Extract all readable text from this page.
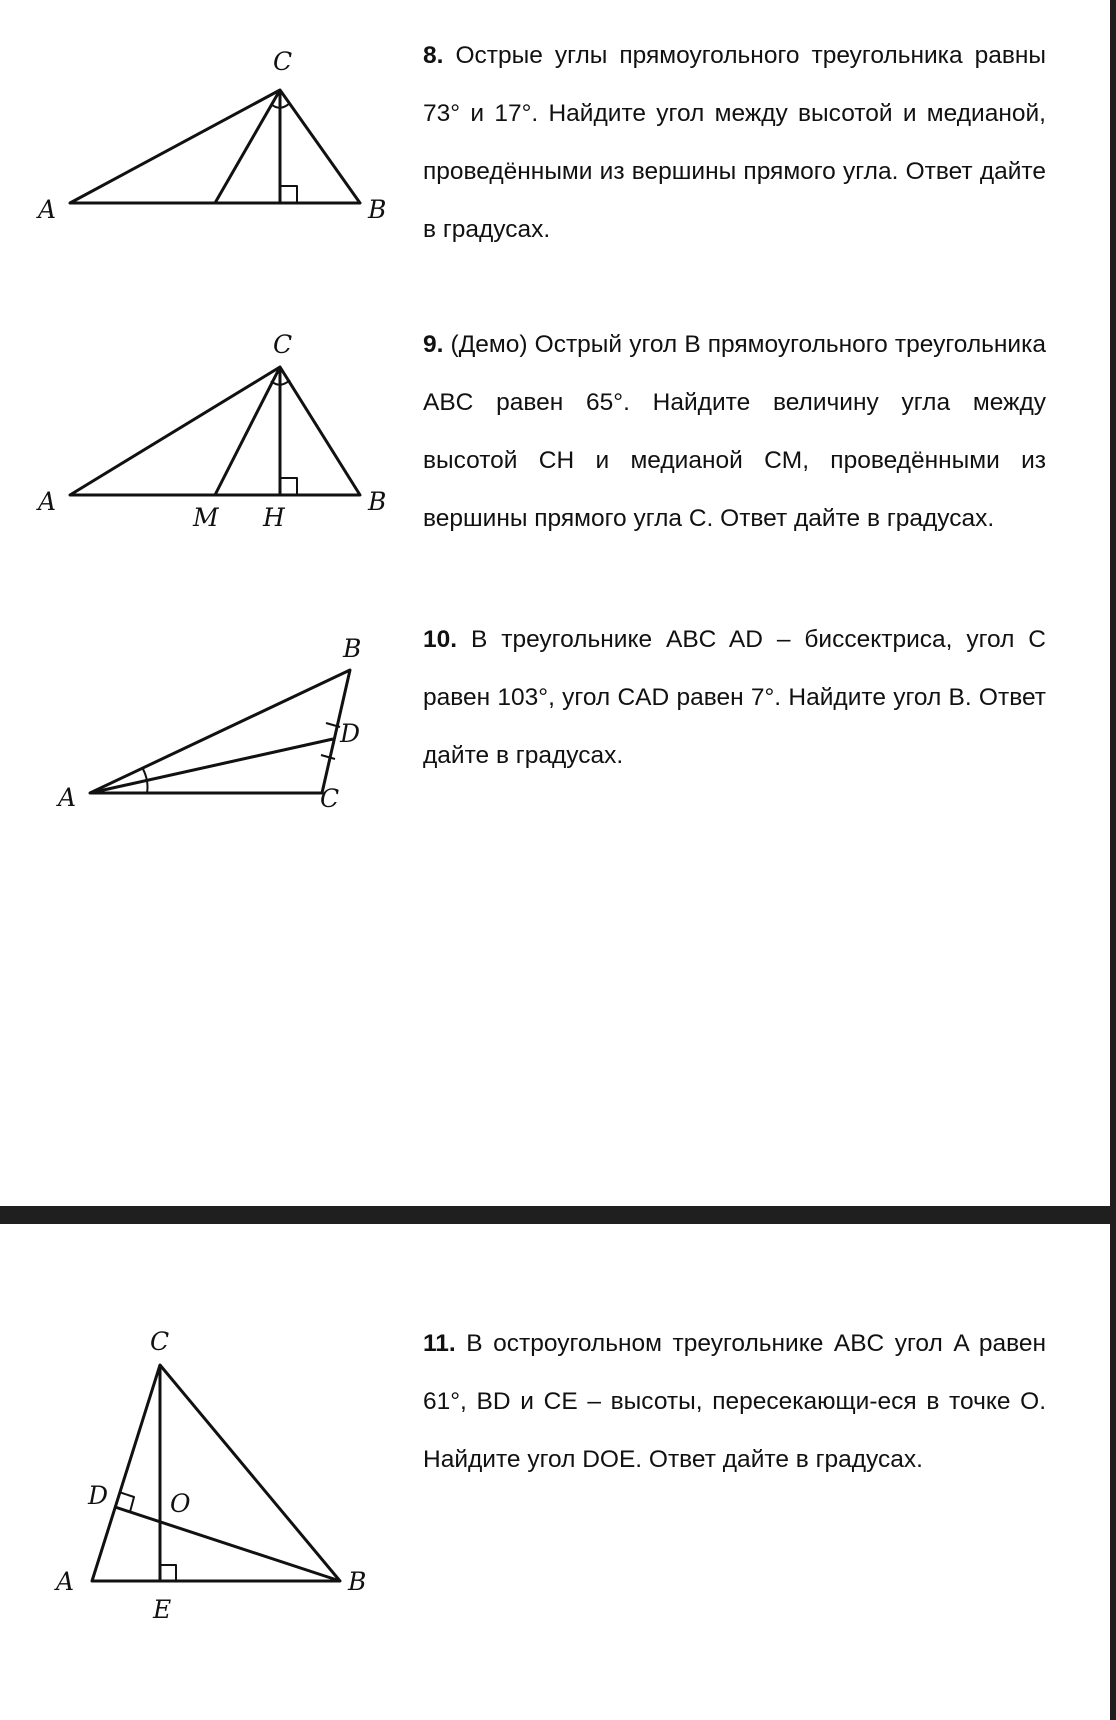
C
A	B
8. Острые углы прямоугольного треугольника равны 73° и 17°. Найдите угол между высотой и медианой, проведёнными из вершины прямого угла. Ответ дайте в градусах.
C
A	B
M H
9. (Демо) Острый угол B прямоугольного треугольника ABC равен 65°. Найдите величину угла между высотой CH и медианой CM, проведёнными из вершины прямого угла C. Ответ дайте в градусах.
B
D
A	C
10. В треугольнике ABC AD – биссектриса, угол C равен 103°, угол CAD равен 7°. Найдите угол B. Ответ дайте в градусах.
C
D O
A	B
E
11. В остроугольном треугольнике ABC угол A равен 61°, BD и CE – высоты, пересекающи-еся в точке O. Найдите угол DOE. Ответ дайте в градусах.
